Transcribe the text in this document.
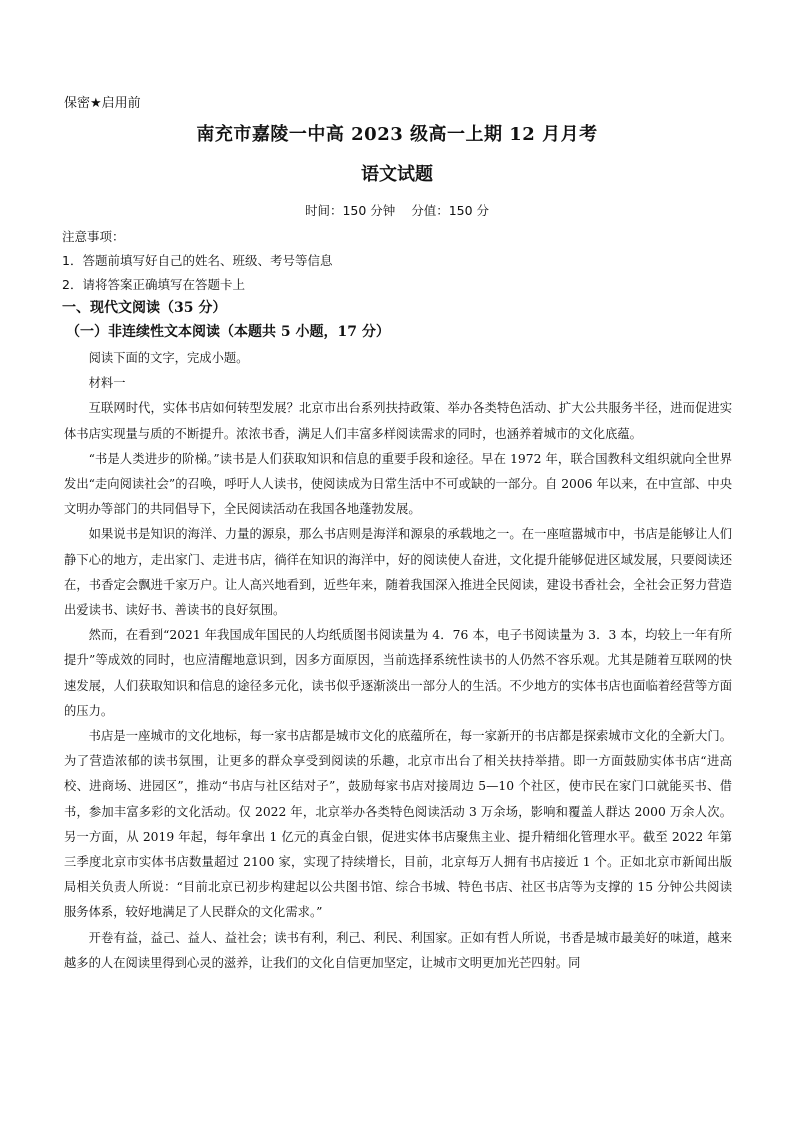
保密★启用前
南充市嘉陵一中高 2023 级高一上期 12 月月考
语文试题
时间：150 分钟    分值：150 分
注意事项：
1．答题前填写好自己的姓名、班级、考号等信息
2．请将答案正确填写在答题卡上
一、现代文阅读（35 分）
（一）非连续性文本阅读（本题共 5 小题，17 分）

阅读下面的文字，完成小题。

材料一

互联网时代，实体书店如何转型发展？北京市出台系列扶持政策、举办各类特色活动、扩大公共服务半径，进而促进实体书店实现量与质的不断提升。浓浓书香，满足人们丰富多样阅读需求的同时，也涵养着城市的文化底蕴。

“书是人类进步的阶梯。”读书是人们获取知识和信息的重要手段和途径。早在 1972 年，联合国教科文组织就向全世界发出“走向阅读社会”的召唤，呼吁人人读书，使阅读成为日常生活中不可或缺的一部分。自 2006 年以来，在中宣部、中央文明办等部门的共同倡导下，全民阅读活动在我国各地蓬勃发展。

如果说书是知识的海洋、力量的源泉，那么书店则是海洋和源泉的承载地之一。在一座喧嚣城市中，书店是能够让人们静下心的地方，走出家门、走进书店，徜徉在知识的海洋中，好的阅读使人奋进，文化提升能够促进区域发展，只要阅读还在，书香定会飘进千家万户。让人高兴地看到，近些年来，随着我国深入推进全民阅读，建设书香社会，全社会正努力营造出爱读书、读好书、善读书的良好氛围。

然而，在看到“2021 年我国成年国民的人均纸质图书阅读量为 4．76 本，电子书阅读量为 3．3 本，均较上一年有所提升”等成效的同时，也应清醒地意识到，因多方面原因，当前选择系统性读书的人仍然不容乐观。尤其是随着互联网的快速发展，人们获取知识和信息的途径多元化，读书似乎逐渐淡出一部分人的生活。不少地方的实体书店也面临着经营等方面的压力。

书店是一座城市的文化地标，每一家书店都是城市文化的底蕴所在，每一家新开的书店都是探索城市文化的全新大门。为了营造浓郁的读书氛围，让更多的群众享受到阅读的乐趣，北京市出台了相关扶持举措。即一方面鼓励实体书店“进高校、进商场、进园区”，推动“书店与社区结对子”，鼓励每家书店对接周边 5—10 个社区，使市民在家门口就能买书、借书，参加丰富多彩的文化活动。仅 2022 年，北京举办各类特色阅读活动 3 万余场，影响和覆盖人群达 2000 万余人次。另一方面，从 2019 年起，每年拿出 1 亿元的真金白银，促进实体书店聚焦主业、提升精细化管理水平。截至 2022 年第三季度北京市实体书店数量超过 2100 家，实现了持续增长，目前，北京每万人拥有书店接近 1 个。正如北京市新闻出版局相关负责人所说：“目前北京已初步构建起以公共图书馆、综合书城、特色书店、社区书店等为支撑的 15 分钟公共阅读服务体系，较好地满足了人民群众的文化需求。”

开卷有益，益己、益人、益社会；读书有利，利己、利民、利国家。正如有哲人所说，书香是城市最美好的味道，越来越多的人在阅读里得到心灵的滋养，让我们的文化自信更加坚定，让城市文明更加光芒四射。同
